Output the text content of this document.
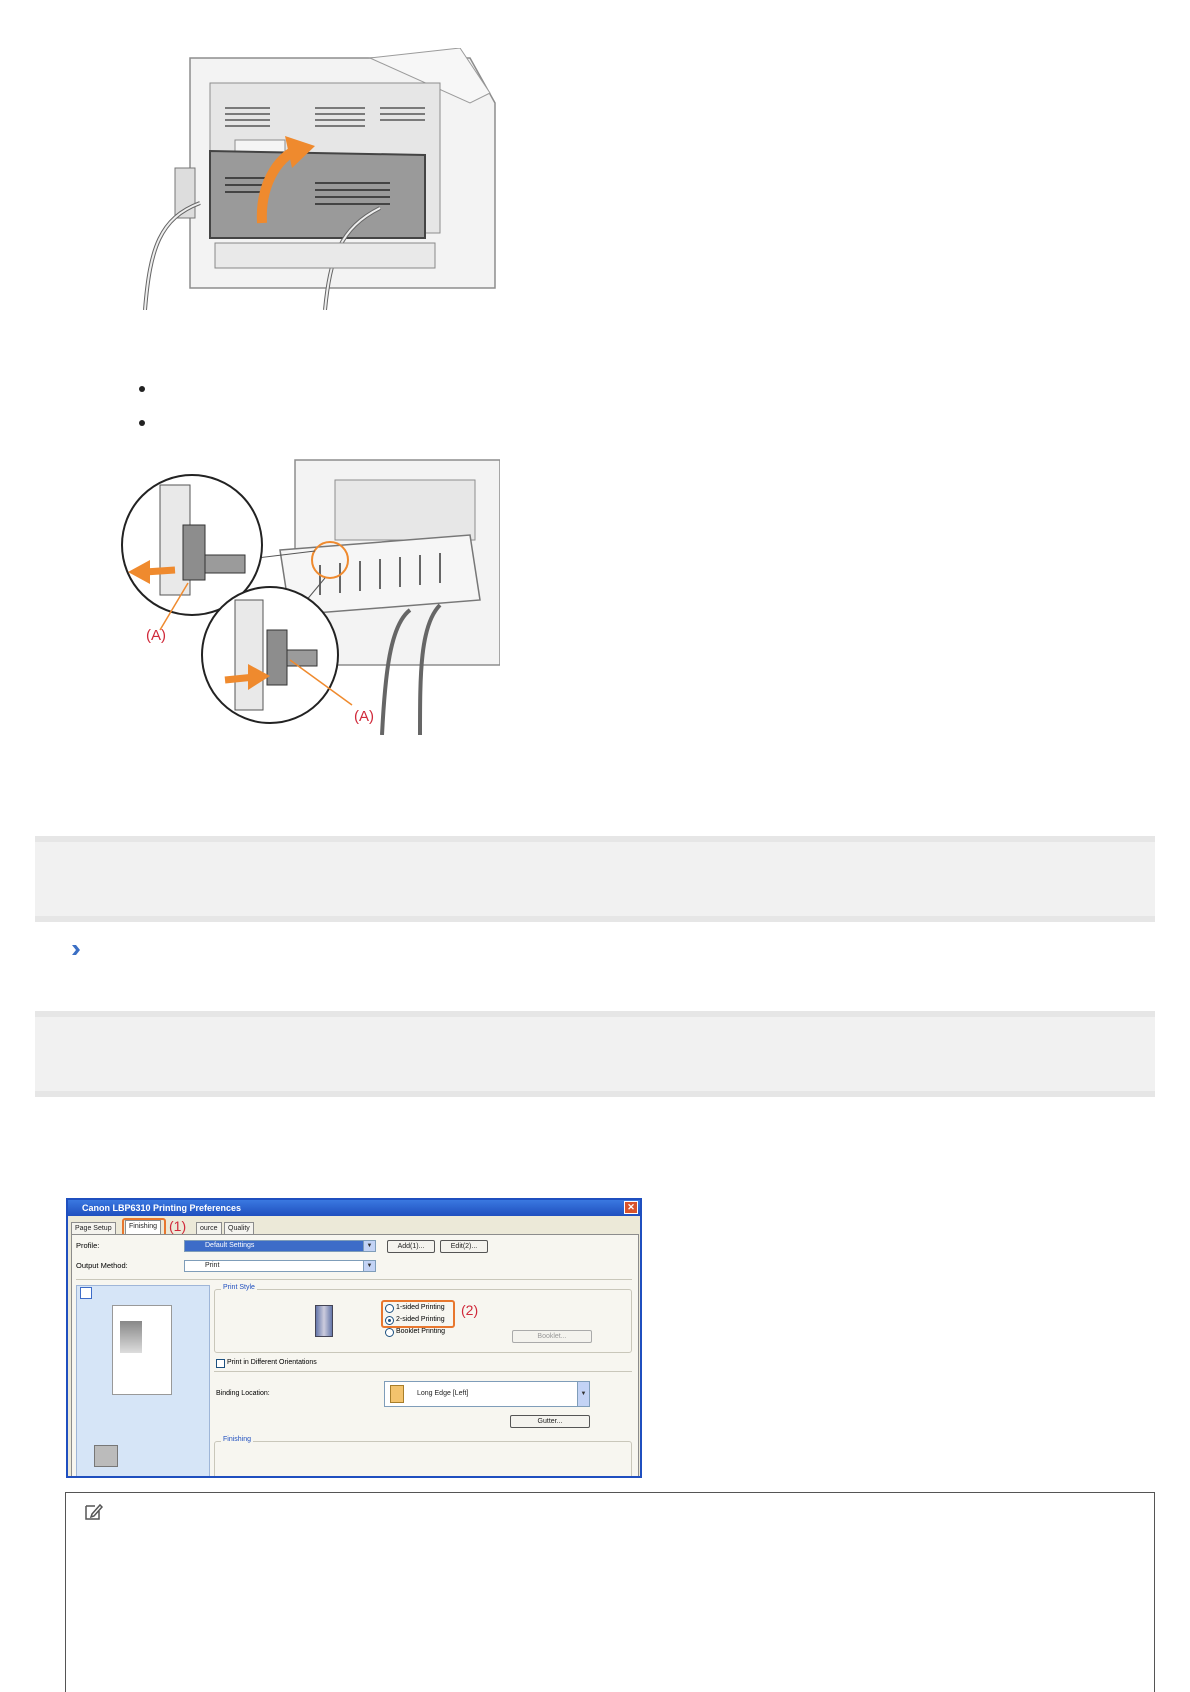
(A)
(A)
Canon LBP6310 Printing Preferences	✕
Page Setup	Finishing	ource	Quality
(1)
Profile:	Default Settings	▼	Add(1)...	Edit(2)...
Output Method:	Print	▼
Print Style
1-sided Printing
2-sided Printing
Booklet Printing
(2)
Booklet...
Print in Different Orientations
Binding Location:	Long Edge [Left]	▼
Gutter...
Finishing
